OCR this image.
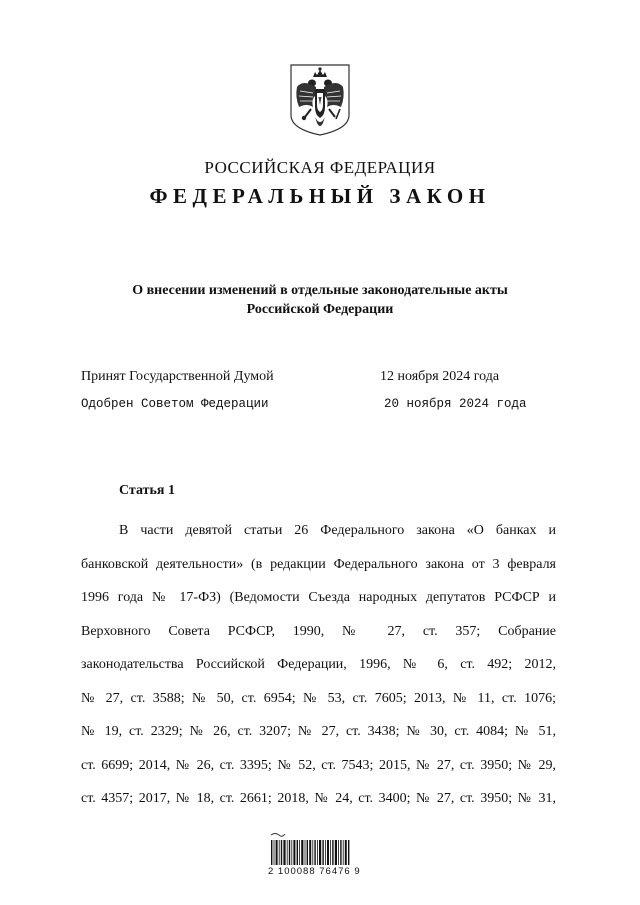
РОССИЙСКАЯ ФЕДЕРАЦИЯ
ФЕДЕРАЛЬНЫЙ ЗАКОН
О внесении изменений в отдельные законодательные акты
Российской Федерации
Принят Государственной Думой	12 ноября 2024 года
Одобрен Советом Федерации	20 ноября 2024 года
Статья 1
В части девятой статьи 26 Федерального закона «О банках и
банковской деятельности» (в редакции Федерального закона от 3 февраля
1996 года № 17-ФЗ) (Ведомости Съезда народных депутатов РСФСР и
Верховного Совета РСФСР, 1990, № 27, ст. 357; Собрание
законодательства Российской Федерации, 1996, № 6, ст. 492; 2012,
№ 27, ст. 3588; № 50, ст. 6954; № 53, ст. 7605; 2013, № 11, ст. 1076;
№ 19, ст. 2329; № 26, ст. 3207; № 27, ст. 3438; № 30, ст. 4084; № 51,
ст. 6699; 2014, № 26, ст. 3395; № 52, ст. 7543; 2015, № 27, ст. 3950; № 29,
ст. 4357; 2017, № 18, ст. 2661; 2018, № 24, ст. 3400; № 27, ст. 3950; № 31,
2 100088 76476 9
